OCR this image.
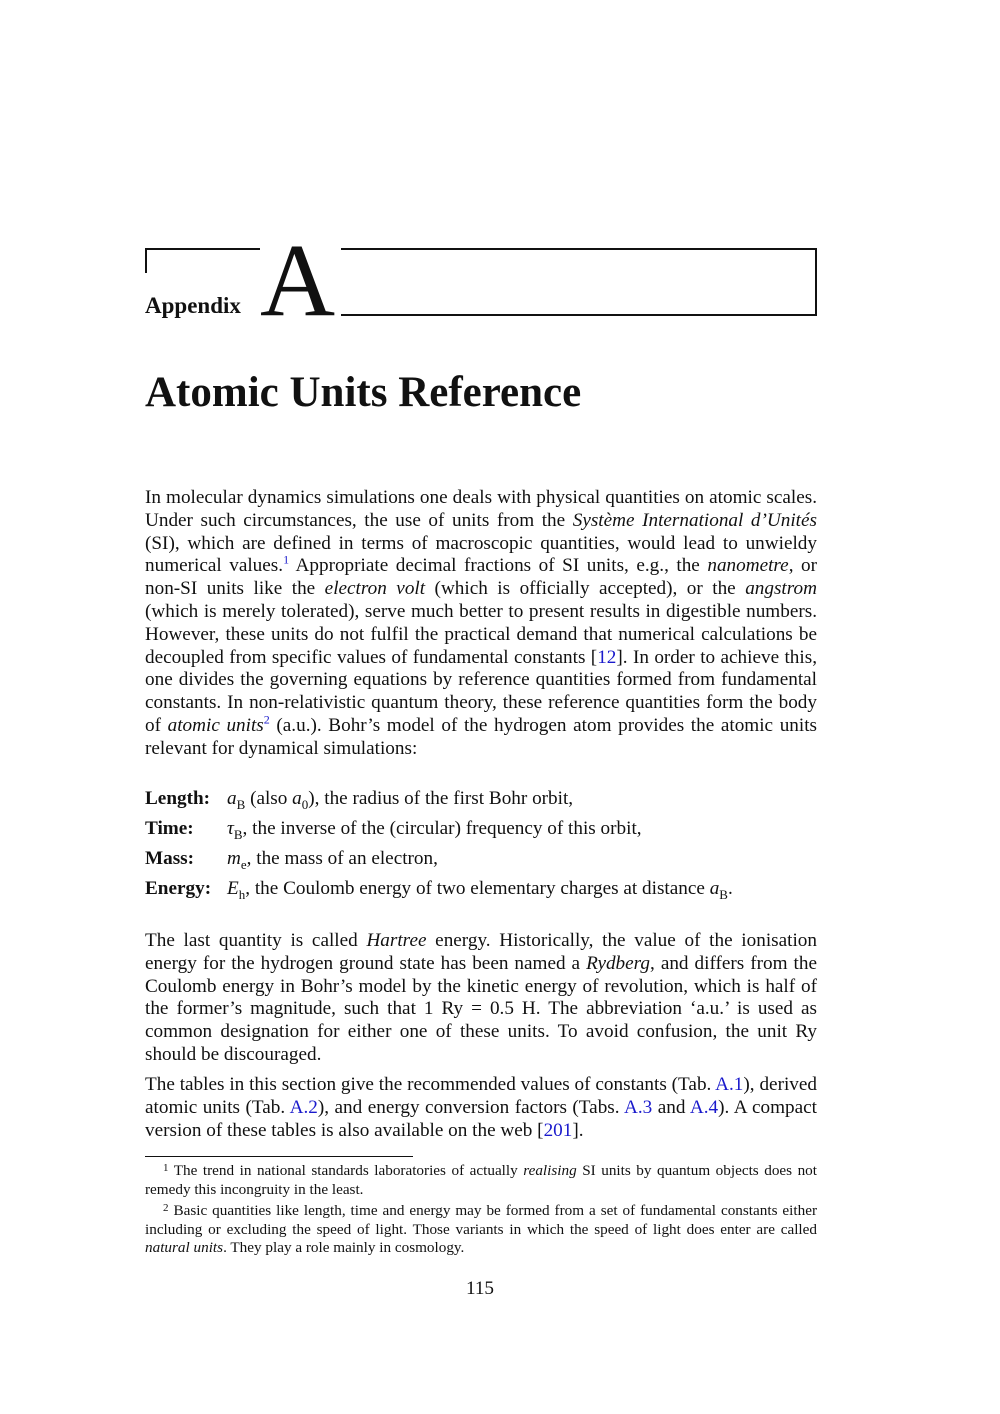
Appendix A
Atomic Units Reference

In molecular dynamics simulations one deals with physical quantities on atomic scales. Under such circumstances, the use of units from the Système International d’Unités (SI), which are defined in terms of macroscopic quantities, would lead to unwieldy numerical values.$^1$ Appropriate decimal fractions of SI units, e.g., the nanometre, or non-SI units like the electron volt (which is officially accepted), or the angstrom (which is merely tolerated), serve much better to present results in digestible numbers. However, these units do not fulfil the practical demand that numerical calculations be decoupled from specific values of fundamental constants [12]. In order to achieve this, one divides the governing equations by reference quantities formed from fundamental constants. In non-relativistic quantum theory, these reference quantities form the body of atomic units$^2$ (a.u.). Bohr’s model of the hydrogen atom provides the atomic units relevant for dynamical simulations:

Length: $a_B$ (also $a_0$), the radius of the first Bohr orbit,
Time: $\tau_B$, the inverse of the (circular) frequency of this orbit,
Mass: $m_e$, the mass of an electron,
Energy: $E_h$, the Coulomb energy of two elementary charges at distance $a_B$.

The last quantity is called Hartree energy. Historically, the value of the ionisation energy for the hydrogen ground state has been named a Rydberg, and differs from the Coulomb energy in Bohr’s model by the kinetic energy of revolution, which is half of the former’s magnitude, such that 1 Ry = 0.5 H. The abbreviation ‘a.u.’ is used as common designation for either one of these units. To avoid confusion, the unit Ry should be discouraged.

The tables in this section give the recommended values of constants (Tab. A.1), derived atomic units (Tab. A.2), and energy conversion factors (Tabs. A.3 and A.4). A compact version of these tables is also available on the web [201].

$^1$ The trend in national standards laboratories of actually realising SI units by quantum objects does not remedy this incongruity in the least.

$^2$ Basic quantities like length, time and energy may be formed from a set of fundamental constants either including or excluding the speed of light. Those variants in which the speed of light does enter are called natural units. They play a role mainly in cosmology.

115
